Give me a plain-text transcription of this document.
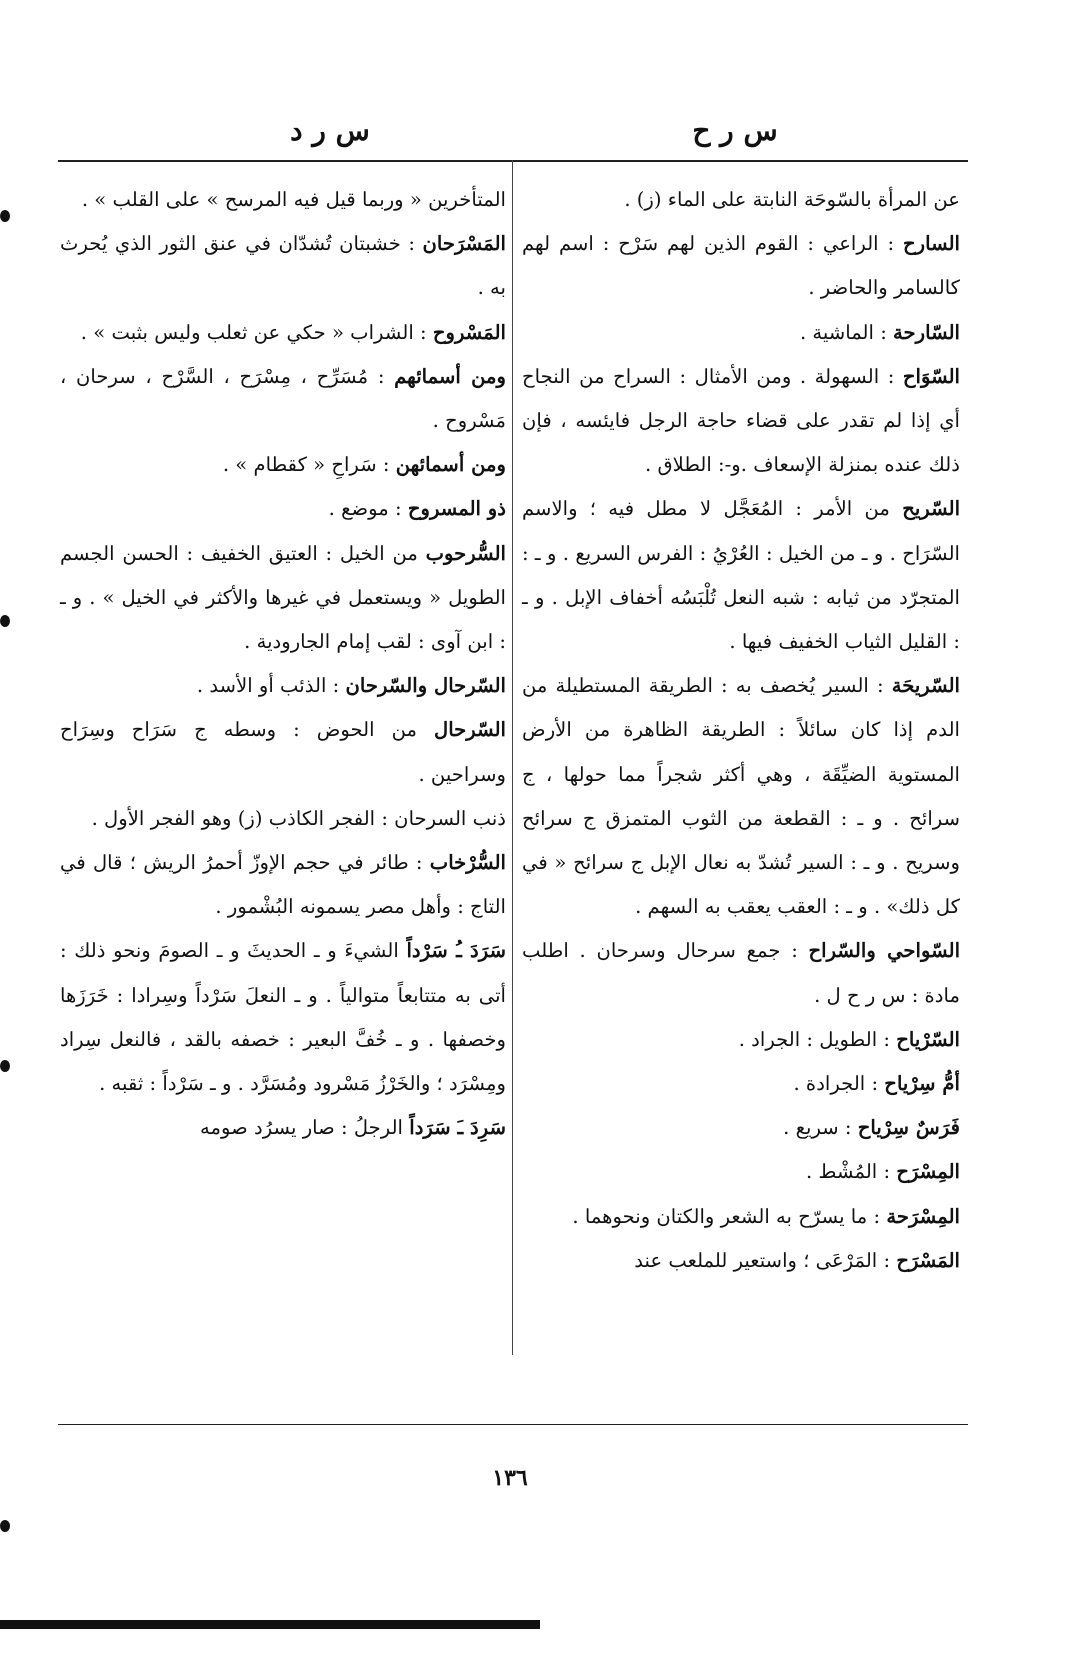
س ر ح
س ر د
عن المرأة بالسّوحَة النابتة على الماء (ز) .
السارح : الراعي : القوم الذين لهم سَرْح : اسم لهم كالسامر والحاضر .
السّارحة : الماشية .
السّوَاح : السهولة . ومن الأمثال : السراح من النجاح أي إذا لم تقدر على قضاء حاجة الرجل فايئسه ، فإن ذلك عنده بمنزلة الإسعاف .و-: الطلاق .
السّريح من الأمر : المُعَجَّل لا مطل فيه ؛ والاسم السّرَاح . و ـ من الخيل : العُرْيُ : الفرس السريع . و ـ : المتجرّد من ثيابه : شبه النعل تُلْبَسُه أخفاف الإبل . و ـ : القليل الثياب الخفيف فيها .
السّريحَة : السير يُخصف به : الطريقة المستطيلة من الدم إذا كان سائلاً : الطريقة الظاهرة من الأرض المستوية الضيِّقَة ، وهي أكثر شجراً مما حولها ، ج سرائح . و ـ : القطعة من الثوب المتمزق ج سرائح وسريح . و ـ : السير تُشدّ به نعال الإبل ج سرائح « في كل ذلك» . و ـ : العقب يعقب به السهم .
السّواحي والسّراح : جمع سرحال وسرحان . اطلب مادة : س ر ح ل .
السّرْياح : الطويل : الجراد .
أمُّ سِرْياح : الجرادة .
فَرَسٌ سِرْياح : سريع .
المِسْرَح : المُشْط .
المِسْرَحة : ما يسرّح به الشعر والكتان ونحوهما .
المَسْرَح : المَرْعَى ؛ واستعير للملعب عند
المتأخرين « وربما قيل فيه المرسح » على القلب » .
المَسْرَحان : خشبتان تُشدّان في عنق الثور الذي يُحرث به .
المَسْروح : الشراب « حكي عن ثعلب وليس بثبت » .
ومن أسمائهم : مُسَرِّح ، مِسْرَح ، السَّرْح ، سرحان ، مَسْروح .
ومن أسمائهن : سَراحِ « كقطام » .
ذو المسروح : موضع .
السُّرحوب من الخيل : العتيق الخفيف : الحسن الجسم الطويل « ويستعمل في غيرها والأكثر في الخيل » . و ـ : ابن آوى : لقب إمام الجارودية .
السّرحال والسّرحان : الذئب أو الأسد .
السّرحال من الحوض : وسطه ج سَرَاح وسِرَاح وسراحين .
ذنب السرحان : الفجر الكاذب (ز) وهو الفجر الأول .
السُّرْخاب : طائر في حجم الإوزّ أحمرُ الريش ؛ قال في التاج : وأهل مصر يسمونه البُشْمور .
سَرَدَ ـُ سَرْداً الشيءَ و ـ الحديثَ و ـ الصومَ ونحو ذلك : أتى به متتابعاً متوالياً . و ـ النعلَ سَرْداً وسِرادا : خَرَزَها وخصفها . و ـ خُفَّ البعير : خصفه بالقد ، فالنعل سِراد ومِسْرَد ؛ والخَرْزُ مَسْرود ومُسَرَّد . و ـ سَرْداً : ثقبه .
سَرِدَ ـَ سَرَداً الرجلُ : صار يسرُد صومه
١٣٦
